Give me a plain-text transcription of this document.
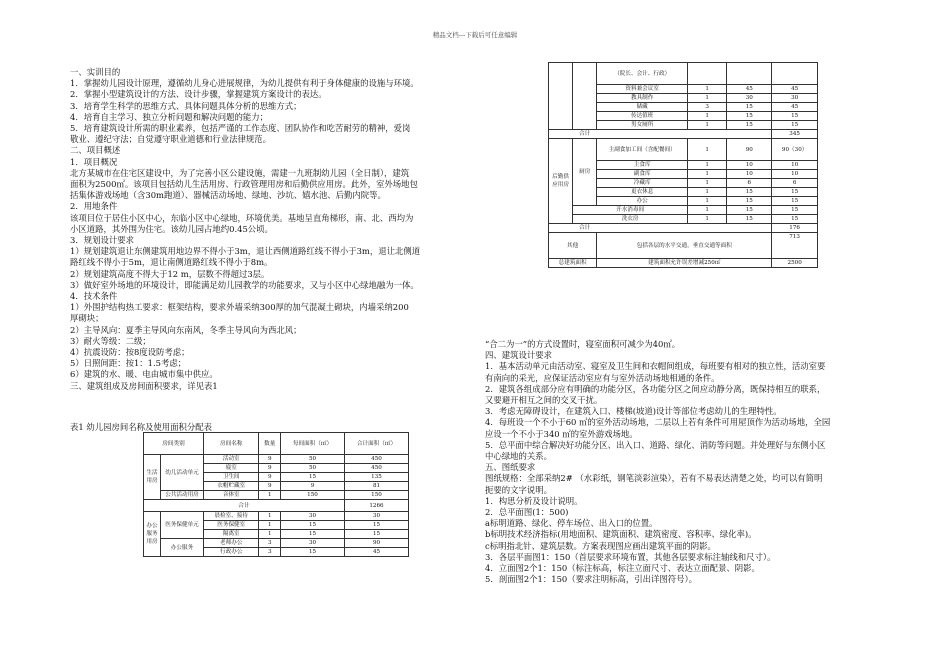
精品文档---下载后可任意编辑

一、实训目的

1．掌握幼儿园设计原理，遵循幼儿身心进展规律，为幼儿提供有利于身体健康的设施与环境。

2．掌握小型建筑设计的方法、设计步骤，掌握建筑方案设计的表达。

3．培育学生科学的思维方式、具体问题具体分析的思维方式；

4．培育自主学习、独立分析问题和解决问题的能力；

5．培育建筑设计所需的职业素养，包括严谨的工作态度、团队协作和吃苦耐劳的精神，爱岗

敬业、遵纪守法；自觉遵守职业道德和行业法律规范。

二、项目概述

1．项目概况

北方某城市在住宅区建设中，为了完善小区公建设施，需建一九班制幼儿园（全日制），建筑

面积为2500㎡。该项目包括幼儿生活用房、行政管理用房和后勤供应用房。此外，室外场地包

括集体游戏场地（含30m跑道）、器械活动场地、绿地、沙坑、嬉水池、后勤内院等。

2．用地条件

该项目位于居住小区中心，东临小区中心绿地，环境优美。基地呈直角梯形，南、北、西均为

小区道路，其外围为住宅。该幼儿园占地约0.45公顷。

3．规划设计要求

1）规划建筑退让东侧建筑用地边界不得小于3m，退让西侧道路红线不得小于3m，退让北侧道

路红线不得小于5m，退让南侧道路红线不得小于8m。

2）规划建筑高度不得大于12 m，层数不得超过3层。

3）做好室外场地的环境设计，即能满足幼儿园教学的功能要求，又与小区中心绿地融为一体。

4．技术条件

1）外围护结构热工要求：框架结构，要求外墙采纳300厚的加气混凝土砌块，内墙采纳200

厚砌块；

2）主导风向：夏季主导风向东南风，冬季主导风向为西北风；

3）耐火等级：二级；

4）抗震设防：按8度设防考虑；

5）日照间距：按1：1.5考虑；

6）建筑的水、暖、电由城市集中供应。

三、建筑组成及房间面积要求，详见表1

表1 幼儿园房间名称及使用面积分配表

房间类别		房间名称	数量	每间面积（㎡）	合计面积（㎡）
生活用房	幼儿活动单元	活动室	9	50	450
		寝室	9	50	450
		卫生间	9	15	135
		衣帽贮藏室	9	9	81
	公共活动用房	音体室	1	150	150
合计					1266
办公服务用房	医务保健单元	晨检室、接待	1	30	30
		医务保健室	1	15	15
		隔离室	1	15	15
	办公服务	老师办公	3	30	90
		行政办公	3	15	45
		（院长、会计、行政）			
		资料兼会议室	1	45	45
		教具制作	1	30	30
		储藏	3	15	45
		传达值班	1	15	15
		男女厕所	1	15	15
合计					345
后勤供应用房	厨房	主副食加工间（含配餐间）	1	90	90（30）
		主食库	1	10	10
		副食库	1	10	10
		冷藏库	1	6	6
		更衣休息	1	15	15
		办公	1	15	15
	开水消毒间		1	15	15
	洗衣房		1	15	15
合计					176
其他		包括各层的水平交通，垂直交通等面积			713
总建筑面积		建筑面积允许误差增减250㎡			2500

“合二为一”的方式设置时，寝室面积可减少为40㎡。

四、建筑设计要求

1．基本活动单元由活动室、寝室及卫生间和衣帽间组成，每班要有相对的独立性，活动室要

有南向的采光，应保证活动室应有与室外活动场地相通的条件。

2．建筑各组成部分应有明确的功能分区，各功能分区之间应动静分离，既保持相互的联系，

又要避开相互之间的交叉干扰。

3．考虑无障碍设计，在建筑入口、楼梯(坡道)设计等部位考虑幼儿的生理特性。

4．每班设一个不小于60 ㎡的室外活动场地，二层以上若有条件可用屋顶作为活动场地，全园

应设一个不小于340 ㎡的室外游戏场地。

5．总平面中综合解决好功能分区、出入口、道路、绿化、消防等问题。并处理好与东侧小区

中心绿地的关系。

五、图纸要求

图纸规格：全部采纳2# （水彩纸，钢笔淡彩渲染），若有不易表达清楚之处，均可以有简明

扼要的文字说明。

1．构思分析及设计说明。

2．总平面图(1：500)

a标明道路、绿化、停车场位、出入口的位置。

b标明技术经济指标(用地面积、建筑面积、建筑密度、容积率、绿化率)。

c标明指北针、建筑层数。方案表现图应画出建筑平面的阴影。

3．各层平面图1：150（首层要求环境布置，其他各层要求标注轴线和尺寸）。

4．立面图2个1：150（标注标高，标注立面尺寸、表达立面配景、阴影。

5．剖面图2个1：150（要求注明标高，引出详图符号）。
